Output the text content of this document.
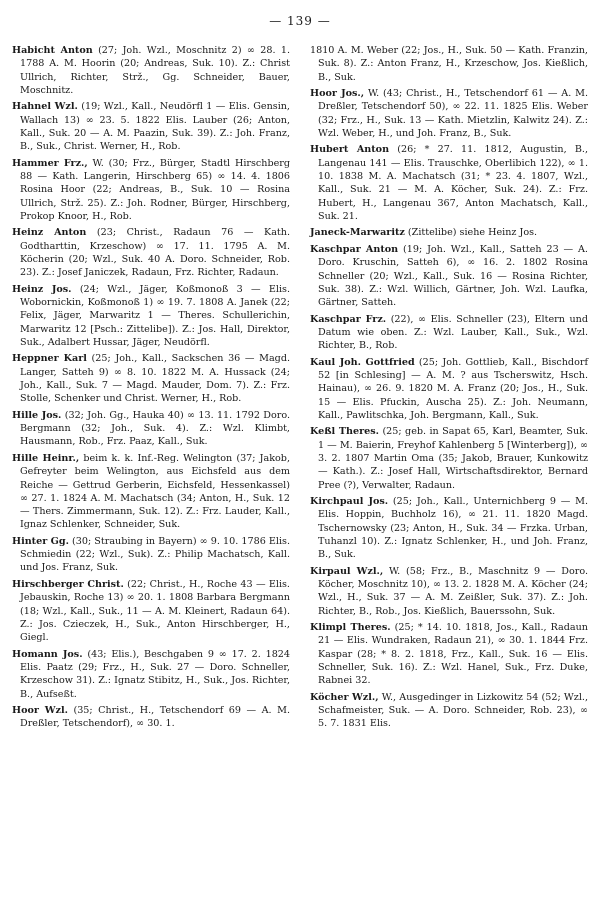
— 139 —

Habicht Anton (27; Joh. Wzl., Moschnitz 2) ∞ 28. 1. 1788 A. M. Hoorin (20; Andreas, Suk. 10). Z.: Christ Ullrich, Richter, Strž., Gg. Schneider, Bauer, Moschnitz.

Hahnel Wzl. (19; Wzl., Kall., Neudörfl 1 — Elis. Gensin, Wallach 13) ∞ 23. 5. 1822 Elis. Lauber (26; Anton, Kall., Suk. 20 — A. M. Paazin, Suk. 39). Z.: Joh. Franz, B., Suk., Christ. Werner, H., Rob.

Hammer Frz., W. (30; Frz., Bürger, Stadtl Hirschberg 88 — Kath. Langerin, Hirschberg 65) ∞ 14. 4. 1806 Rosina Hoor (22; Andreas, B., Suk. 10 — Rosina Ullrich, Strž. 25). Z.: Joh. Rodner, Bürger, Hirschberg, Prokop Knoor, H., Rob.

Heinz Anton (23; Christ., Radaun 76 — Kath. Godtharttin, Krzeschow) ∞ 17. 11. 1795 A. M. Köcherin (20; Wzl., Suk. 40 A. Doro. Schneider, Rob. 23). Z.: Josef Janiczek, Radaun, Frz. Richter, Radaun.

Heinz Jos. (24; Wzl., Jäger, Koßmonoß 3 — Elis. Wobornickin, Koßmonoß 1) ∞ 19. 7. 1808 A. Janek (22; Felix, Jäger, Marwaritz 1 — Theres. Schullerichin, Marwaritz 12 [Psch.: Zittelibe]). Z.: Jos. Hall, Direktor, Suk., Adalbert Hussar, Jäger, Neudörfl.

Heppner Karl (25; Joh., Kall., Sackschen 36 — Magd. Langer, Satteh 9) ∞ 8. 10. 1822 M. A. Hussack (24; Joh., Kall., Suk. 7 — Magd. Mauder, Dom. 7). Z.: Frz. Stolle, Schenker und Christ. Werner, H., Rob.

Hille Jos. (32; Joh. Gg., Hauka 40) ∞ 13. 11. 1792 Doro. Bergmann (32; Joh., Suk. 4). Z.: Wzl. Klimbt, Hausmann, Rob., Frz. Paaz, Kall., Suk.

Hille Heinr., beim k. k. Inf.-Reg. Welington (37; Jakob, Gefreyter beim Welington, aus Eichsfeld aus dem Reiche — Gettrud Gerberin, Eichsfeld, Hessenkassel) ∞ 27. 1. 1824 A. M. Machatsch (34; Anton, H., Suk. 12 — Thers. Zimmermann, Suk. 12). Z.: Frz. Lauder, Kall., Ignaz Schlenker, Schneider, Suk.

Hinter Gg. (30; Straubing in Bayern) ∞ 9. 10. 1786 Elis. Schmiedin (22; Wzl., Suk). Z.: Philip Machatsch, Kall. und Jos. Franz, Suk.

Hirschberger Christ. (22; Christ., H., Roche 43 — Elis. Jebauskin, Roche 13) ∞ 20. 1. 1808 Barbara Bergmann (18; Wzl., Kall., Suk., 11 — A. M. Kleinert, Radaun 64). Z.: Jos. Czieczek, H., Suk., Anton Hirschberger, H., Giegl.

Homann Jos. (43; Elis.), Beschgaben 9 ∞ 17. 2. 1824 Elis. Paatz (29; Frz., H., Suk. 27 — Doro. Schneller, Krzeschow 31). Z.: Ignatz Stibitz, H., Suk., Jos. Richter, B., Aufseßt.

Hoor Wzl. (35; Christ., H., Tetschendorf 69 — A. M. Dreßler, Tetschendorf), ∞ 30. 1.

1810 A. M. Weber (22; Jos., H., Suk. 50 — Kath. Franzin, Suk. 8). Z.: Anton Franz, H., Krzeschow, Jos. Kießlich, B., Suk.

Hoor Jos., W. (43; Christ., H., Tetschendorf 61 — A. M. Dreßler, Tetschendorf 50), ∞ 22. 11. 1825 Elis. Weber (32; Frz., H., Suk. 13 — Kath. Mietzlin, Kalwitz 24). Z.: Wzl. Weber, H., und Joh. Franz, B., Suk.

Hubert Anton (26; * 27. 11. 1812, Augustin, B., Langenau 141 — Elis. Trauschke, Oberlibich 122), ∞ 1. 10. 1838 M. A. Machatsch (31; * 23. 4. 1807, Wzl., Kall., Suk. 21 — M. A. Köcher, Suk. 24). Z.: Frz. Hubert, H., Langenau 367, Anton Machatsch, Kall., Suk. 21.

Janeck-Marwaritz (Zittelibe) siehe Heinz Jos.

Kaschpar Anton (19; Joh. Wzl., Kall., Satteh 23 — A. Doro. Kruschin, Satteh 6), ∞ 16. 2. 1802 Rosina Schneller (20; Wzl., Kall., Suk. 16 — Rosina Richter, Suk. 38). Z.: Wzl. Willich, Gärtner, Joh. Wzl. Laufka, Gärtner, Satteh.

Kaschpar Frz. (22), ∞ Elis. Schneller (23), Eltern und Datum wie oben. Z.: Wzl. Lauber, Kall., Suk., Wzl. Richter, B., Rob.

Kaul Joh. Gottfried (25; Joh. Gottlieb, Kall., Bischdorf 52 [in Schlesing] — A. M. ? aus Tscherswitz, Hsch. Hainau), ∞ 26. 9. 1820 M. A. Franz (20; Jos., H., Suk. 15 — Elis. Pfuckin, Auscha 25). Z.: Joh. Neumann, Kall., Pawlitschka, Joh. Bergmann, Kall., Suk.

Keßl Theres. (25; geb. in Sapat 65, Karl, Beamter, Suk. 1 — M. Baierin, Freyhof Kahlenberg 5 [Winterberg]), ∞ 3. 2. 1807 Martin Oma (35; Jakob, Brauer, Kunkowitz — Kath.). Z.: Josef Hall, Wirtschaftsdirektor, Bernard Pree (?), Verwalter, Radaun.

Kirchpaul Jos. (25; Joh., Kall., Unternichberg 9 — M. Elis. Hoppin, Buchholz 16), ∞ 21. 11. 1820 Magd. Tschernowsky (23; Anton, H., Suk. 34 — Frzka. Urban, Tuhanzl 10). Z.: Ignatz Schlenker, H., und Joh. Franz, B., Suk.

Kirpaul Wzl., W. (58; Frz., B., Maschnitz 9 — Doro. Köcher, Moschnitz 10), ∞ 13. 2. 1828 M. A. Köcher (24; Wzl., H., Suk. 37 — A. M. Zeißler, Suk. 37). Z.: Joh. Richter, B., Rob., Jos. Kießlich, Bauerssohn, Suk.

Klimpl Theres. (25; * 14. 10. 1818, Jos., Kall., Radaun 21 — Elis. Wundraken, Radaun 21), ∞ 30. 1. 1844 Frz. Kaspar (28; * 8. 2. 1818, Frz., Kall., Suk. 16 — Elis. Schneller, Suk. 16). Z.: Wzl. Hanel, Suk., Frz. Duke, Rabnei 32.

Köcher Wzl., W., Ausgedinger in Lizkowitz 54 (52; Wzl., Schafmeister, Suk. — A. Doro. Schneider, Rob. 23), ∞ 5. 7. 1831 Elis.
